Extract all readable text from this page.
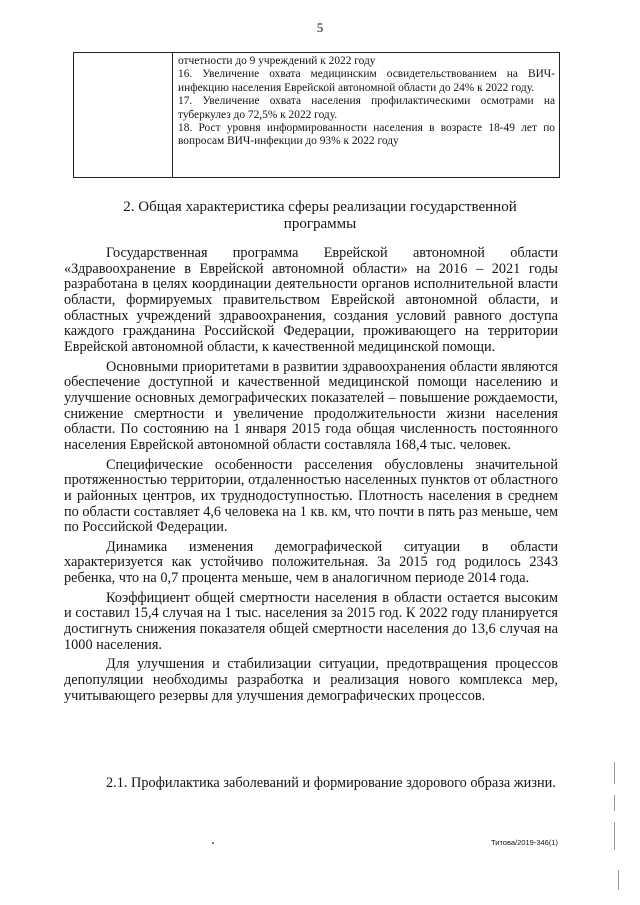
5

отчетности до 9 учреждений к 2022 году

16. Увеличение охвата медицинским освидетельствованием на ВИЧ-инфекцию населения Еврейской автономной области до 24% к 2022 году.

17. Увеличение охвата населения профилактическими осмотрами на туберкулез до 72,5% к 2022 году.

18. Рост уровня информированности населения в возрасте 18-49 лет по вопросам ВИЧ-инфекции до 93% к 2022 году

2. Общая характеристика сферы реализации государственной
программы

Государственная программа Еврейской автономной области «Здравоохранение в Еврейской автономной области» на 2016 – 2021 годы разработана в целях координации деятельности органов исполнительной власти области, формируемых правительством Еврейской автономной области, и областных учреждений здравоохранения, создания условий равного доступа каждого гражданина Российской Федерации, проживающего на территории Еврейской автономной области, к качественной медицинской помощи.

Основными приоритетами в развитии здравоохранения области являются обеспечение доступной и качественной медицинской помощи населению и улучшение основных демографических показателей – повышение рождаемости, снижение смертности и увеличение продолжительности жизни населения области. По состоянию на 1 января 2015 года общая численность постоянного населения Еврейской автономной области составляла 168,4 тыс. человек.

Специфические особенности расселения обусловлены значительной протяженностью территории, отдаленностью населенных пунктов от областного и районных центров, их труднодоступностью. Плотность населения в среднем по области составляет 4,6 человека на 1 кв. км, что почти в пять раз меньше, чем по Российской Федерации.

Динамика изменения демографической ситуации в области характеризуется как устойчиво положительная. За 2015 год родилось 2343 ребенка, что на 0,7 процента меньше, чем в аналогичном периоде 2014 года.

Коэффициент общей смертности населения в области остается высоким и составил 15,4 случая на 1 тыс. населения за 2015 год. К 2022 году планируется достигнуть снижения показателя общей смертности населения до 13,6 случая на 1000 населения.

Для улучшения и стабилизации ситуации, предотвращения процессов депопуляции необходимы разработка и реализация нового комплекса мер, учитывающего резервы для улучшения демографических процессов.

2.1. Профилактика заболеваний и формирование здорового образа жизни.
Титова/2019-346(1)
